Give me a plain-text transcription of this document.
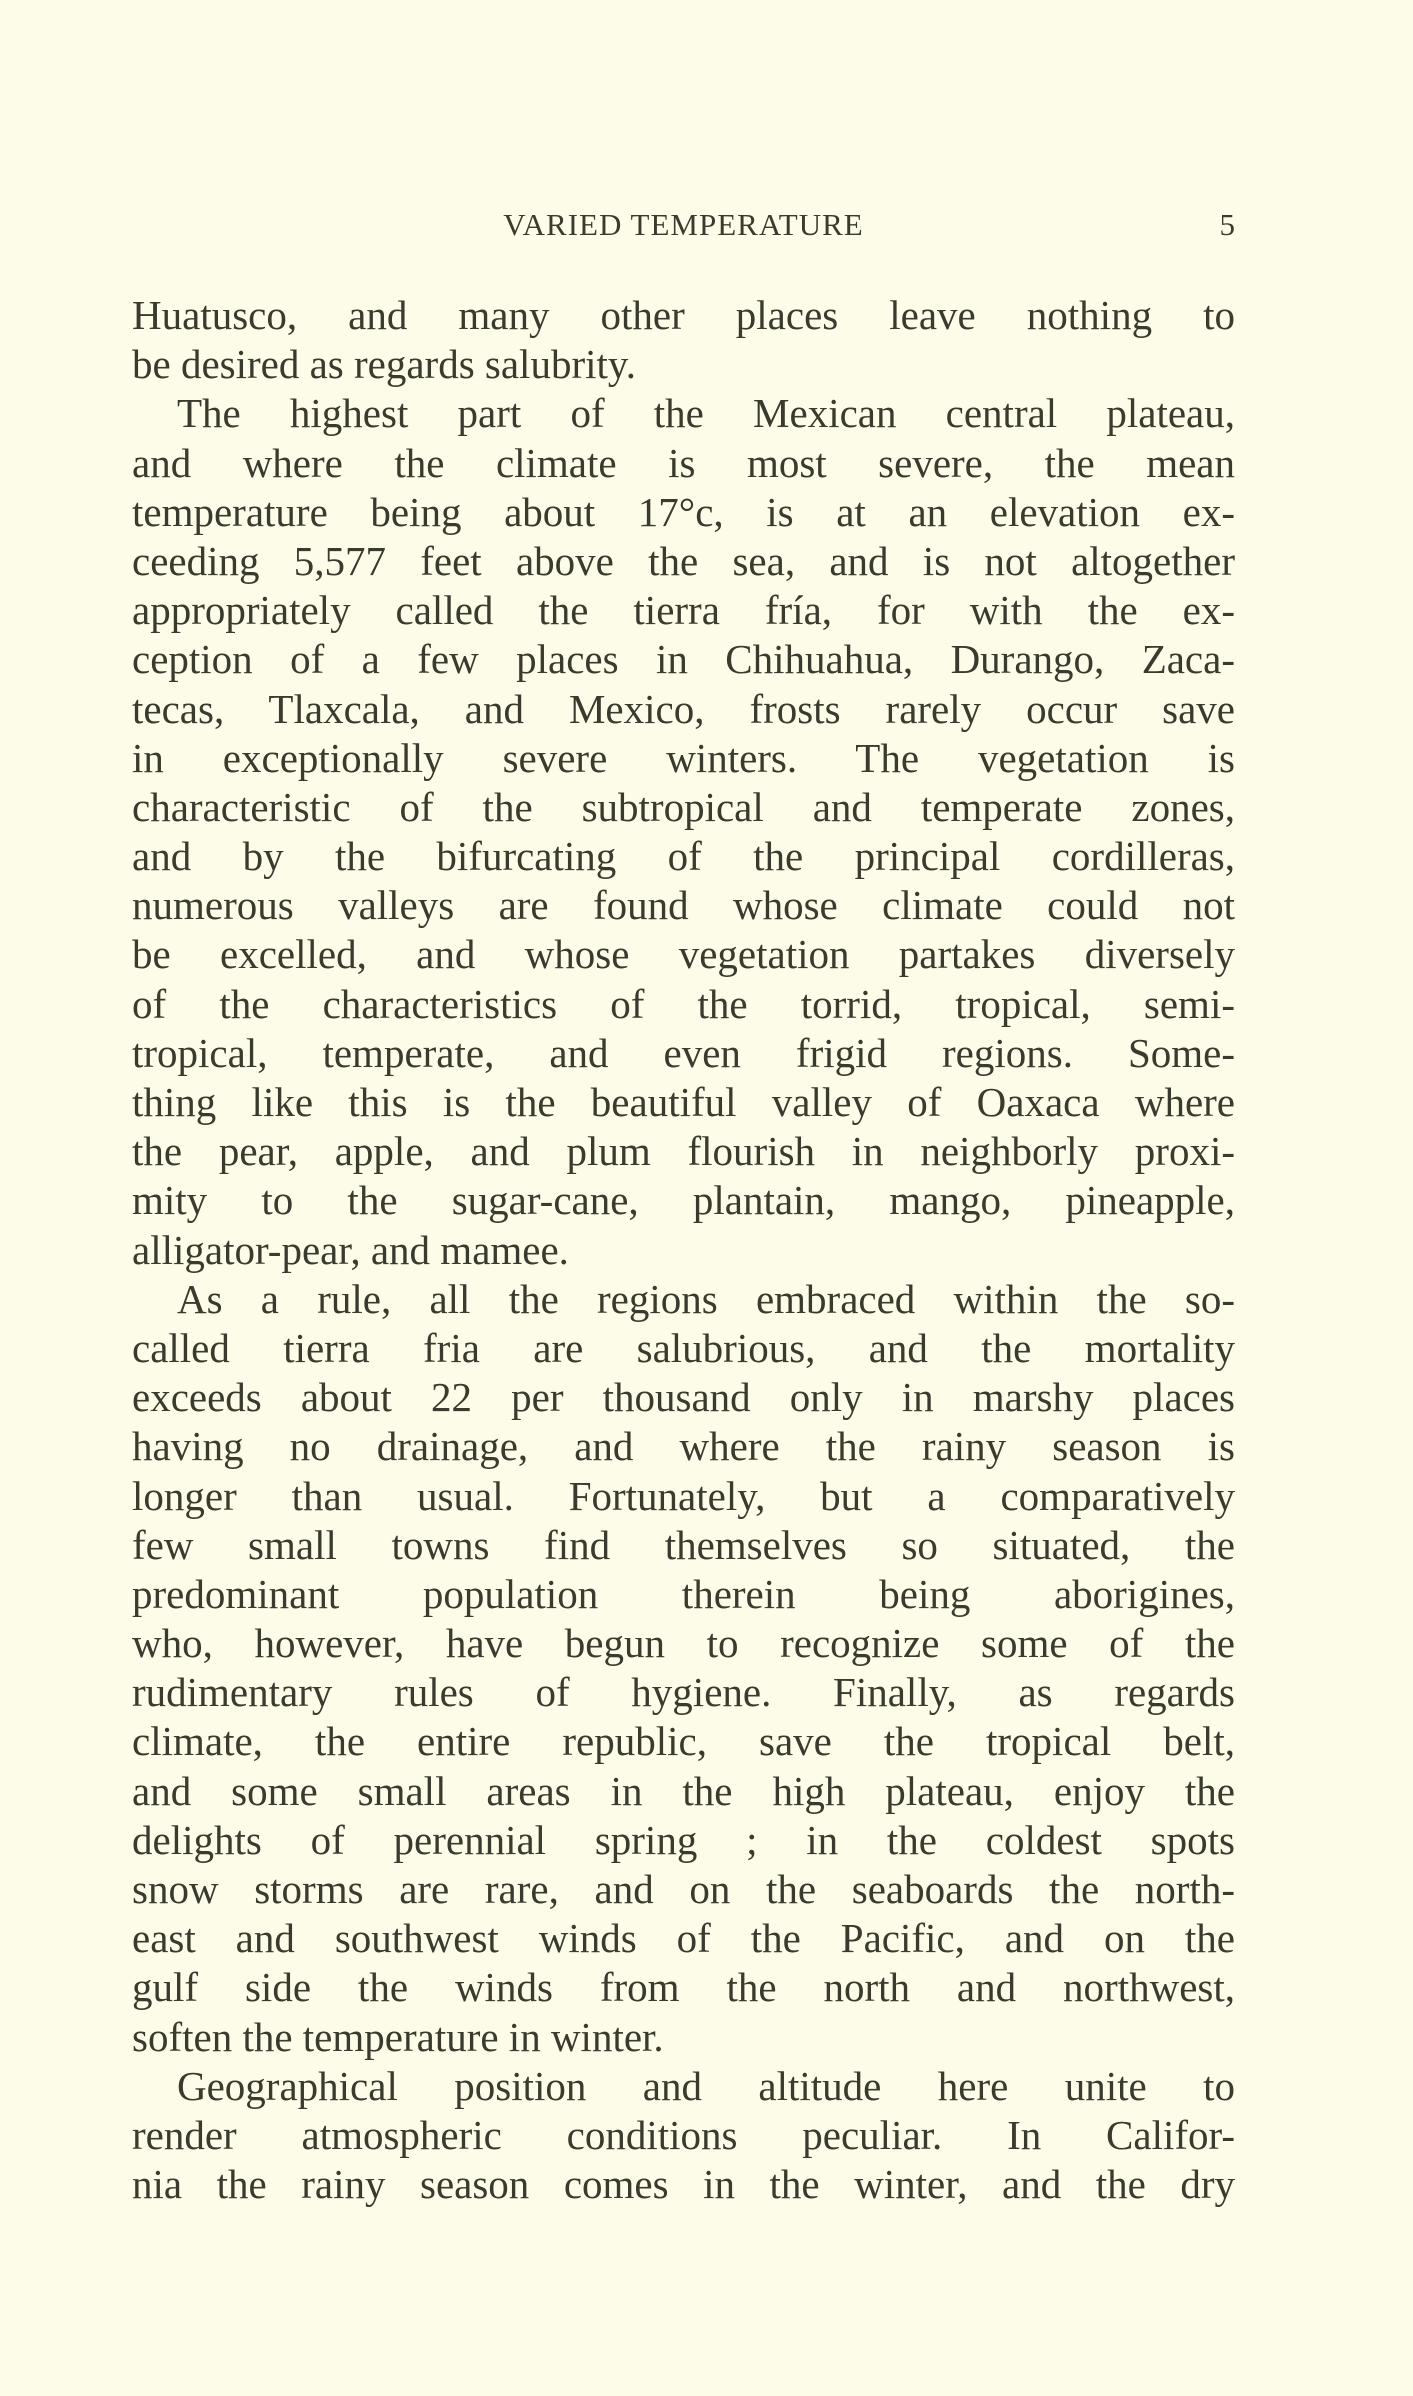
VARIED TEMPERATURE	5
Huatusco, and many other places leave nothing to
be desired as regards salubrity.
The highest part of the Mexican central plateau,
and where the climate is most severe, the mean
temperature being about 17°c, is at an elevation ex-
ceeding 5,577 feet above the sea, and is not altogether
appropriately called the tierra fría, for with the ex-
ception of a few places in Chihuahua, Durango, Zaca-
tecas, Tlaxcala, and Mexico, frosts rarely occur save
in exceptionally severe winters. The vegetation is
characteristic of the subtropical and temperate zones,
and by the bifurcating of the principal cordilleras,
numerous valleys are found whose climate could not
be excelled, and whose vegetation partakes diversely
of the characteristics of the torrid, tropical, semi-
tropical, temperate, and even frigid regions. Some-
thing like this is the beautiful valley of Oaxaca where
the pear, apple, and plum flourish in neighborly proxi-
mity to the sugar-cane, plantain, mango, pineapple,
alligator-pear, and mamee.
As a rule, all the regions embraced within the so-
called tierra fria are salubrious, and the mortality
exceeds about 22 per thousand only in marshy places
having no drainage, and where the rainy season is
longer than usual. Fortunately, but a comparatively
few small towns find themselves so situated, the
predominant population therein being aborigines,
who, however, have begun to recognize some of the
rudimentary rules of hygiene. Finally, as regards
climate, the entire republic, save the tropical belt,
and some small areas in the high plateau, enjoy the
delights of perennial spring ; in the coldest spots
snow storms are rare, and on the seaboards the north-
east and southwest winds of the Pacific, and on the
gulf side the winds from the north and northwest,
soften the temperature in winter.
Geographical position and altitude here unite to
render atmospheric conditions peculiar. In Califor-
nia the rainy season comes in the winter, and the dry
